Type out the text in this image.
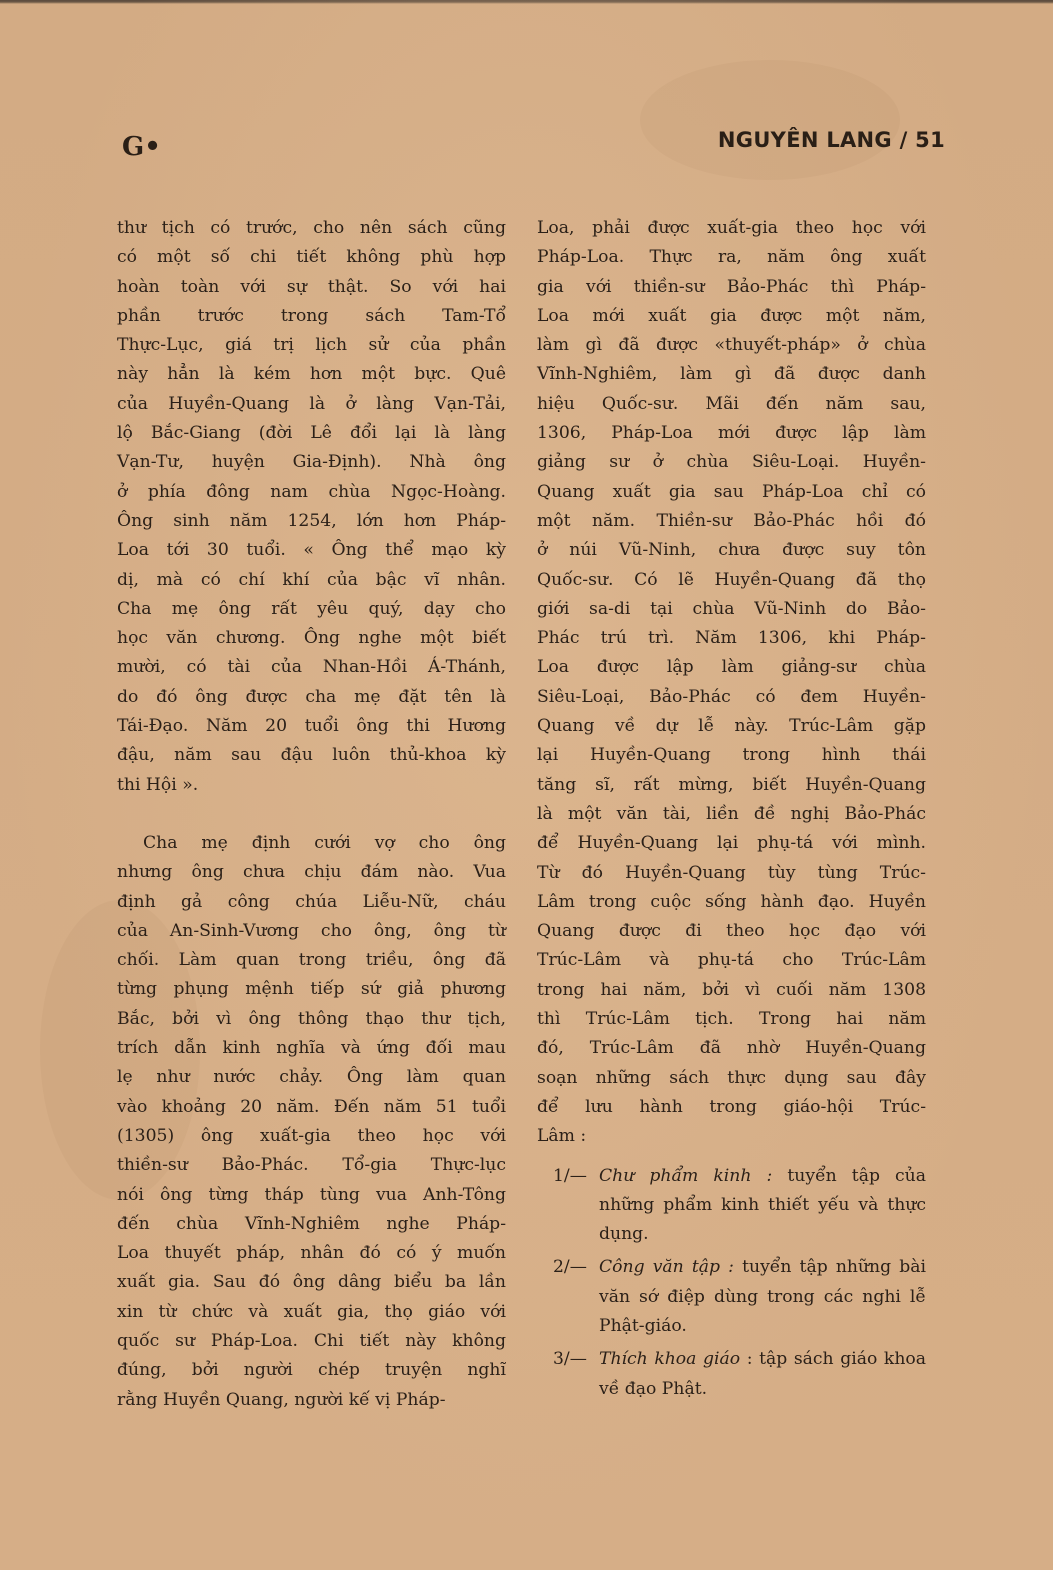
G•	NGUYÊN LANG / 51

thư tịch có trước, cho nên sách cũng

có một số chi tiết không phù hợp

hoàn toàn với sự thật. So với hai

phần trước trong sách Tam-Tổ

Thực-Lục, giá trị lịch sử của phần

này hẳn là kém hơn một bực. Quê

của Huyền-Quang là ở làng Vạn-Tải,

lộ Bắc-Giang (đời Lê đổi lại là làng

Vạn-Tư, huyện Gia-Định). Nhà ông

ở phía đông nam chùa Ngọc-Hoàng.

Ông sinh năm 1254, lớn hơn Pháp-

Loa tới 30 tuổi. « Ông thể mạo kỳ

dị, mà có chí khí của bậc vĩ nhân.

Cha mẹ ông rất yêu quý, dạy cho

học văn chương. Ông nghe một biết

mười, có tài của Nhan-Hồi Á-Thánh,

do đó ông được cha mẹ đặt tên là

Tái-Đạo. Năm 20 tuổi ông thi Hương

đậu, năm sau đậu luôn thủ-khoa kỳ

thi Hội ».

Cha mẹ định cưới vợ cho ông

nhưng ông chưa chịu đám nào. Vua

định gả công chúa Liễu-Nữ, cháu

của An-Sinh-Vương cho ông, ông từ

chối. Làm quan trong triều, ông đã

từng phụng mệnh tiếp sứ giả phương

Bắc, bởi vì ông thông thạo thư tịch,

trích dẫn kinh nghĩa và ứng đối mau

lẹ như nước chảy. Ông làm quan

vào khoảng 20 năm. Đến năm 51 tuổi

(1305) ông xuất-gia theo học với

thiền-sư Bảo-Phác. Tổ-gia Thực-lục

nói ông từng tháp tùng vua Anh-Tông

đến chùa Vĩnh-Nghiêm nghe Pháp-

Loa thuyết pháp, nhân đó có ý muốn

xuất gia. Sau đó ông dâng biểu ba lần

xin từ chức và xuất gia, thọ giáo với

quốc sư Pháp-Loa. Chi tiết này không

đúng, bởi người chép truyện nghĩ

rằng Huyền Quang, người kế vị Pháp-

Loa, phải được xuất-gia theo học với

Pháp-Loa. Thực ra, năm ông xuất

gia với thiền-sư Bảo-Phác thì Pháp-

Loa mới xuất gia được một năm,

làm gì đã được «thuyết-pháp» ở chùa

Vĩnh-Nghiêm, làm gì đã được danh

hiệu Quốc-sư. Mãi đến năm sau,

1306, Pháp-Loa mới được lập làm

giảng sư ở chùa Siêu-Loại. Huyền-

Quang xuất gia sau Pháp-Loa chỉ có

một năm. Thiền-sư Bảo-Phác hồi đó

ở núi Vũ-Ninh, chưa được suy tôn

Quốc-sư. Có lẽ Huyền-Quang đã thọ

giới sa-di tại chùa Vũ-Ninh do Bảo-

Phác trú trì. Năm 1306, khi Pháp-

Loa được lập làm giảng-sư chùa

Siêu-Loại, Bảo-Phác có đem Huyền-

Quang về dự lễ này. Trúc-Lâm gặp

lại Huyền-Quang trong hình thái

tăng sĩ, rất mừng, biết Huyền-Quang

là một văn tài, liền đề nghị Bảo-Phác

để Huyền-Quang lại phụ-tá với mình.

Từ đó Huyền-Quang tùy tùng Trúc-

Lâm trong cuộc sống hành đạo. Huyền

Quang được đi theo học đạo với

Trúc-Lâm và phụ-tá cho Trúc-Lâm

trong hai năm, bởi vì cuối năm 1308

thì Trúc-Lâm tịch. Trong hai năm

đó, Trúc-Lâm đã nhờ Huyền-Quang

soạn những sách thực dụng sau đây

để lưu hành trong giáo-hội Trúc-

Lâm :

1/— Chư phẩm kinh : tuyển tập của những phẩm kinh thiết yếu và thực dụng.
2/— Công văn tập : tuyển tập những bài văn sớ điệp dùng trong các nghi lễ Phật-giáo.
3/— Thích khoa giáo : tập sách giáo khoa về đạo Phật.
